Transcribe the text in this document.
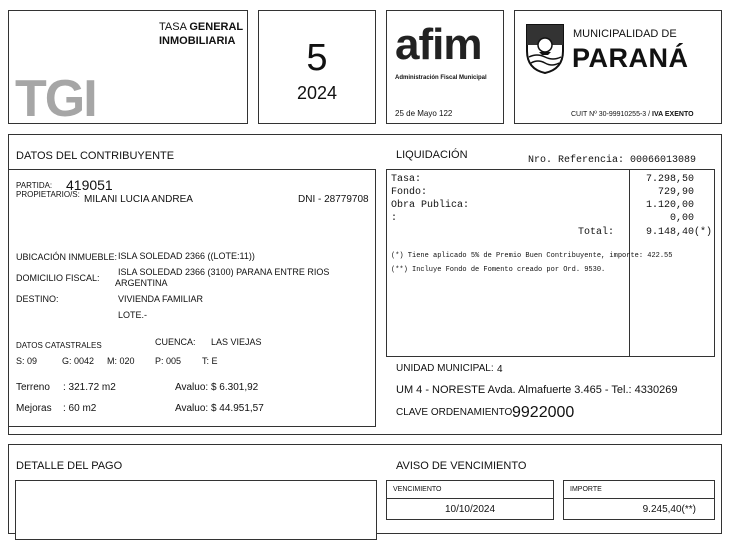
TASA GENERAL
INMOBILIARIA
TGI
5
2024
afim
Administración Fiscal Municipal
25 de Mayo 122
MUNICIPALIDAD DE
PARANÁ
CUIT Nº 30-99910255-3 / IVA EXENTO
DATOS DEL CONTRIBUYENTE	LIQUIDACIÓN	Nro. Referencia: 00066013089
PARTIDA: 419051
PROPIETARIO/S: MILANI LUCIA ANDREA	DNI - 28779708
UBICACIÓN INMUEBLE: ISLA SOLEDAD 2366 ((LOTE:11))
DOMICILIO FISCAL:
ISLA SOLEDAD 2366 (3100) PARANA ENTRE RIOS
ARGENTINA
DESTINO:	VIVIENDA FAMILIAR
LOTE.-
DATOS CATASTRALES	CUENCA: LAS VIEJAS
S: 09	G: 0042 M: 020 P: 005 T: E
Terreno : 321.72 m2	Avaluo: $ 6.301,92
Mejoras : 60 m2	Avaluo: $ 44.951,57
Tasa:	7.298,50
Fondo:	729,90
Obra Publica:	1.120,00
:	0,00
Total:	9.148,40(*)
(*) Tiene aplicado 5% de Premio Buen Contribuyente, importe: 422.55
(**) Incluye Fondo de Fomento creado por Ord. 9530.
UNIDAD MUNICIPAL: 4
UM 4 - NORESTE Avda. Almafuerte 3.465 - Tel.: 4330269
CLAVE ORDENAMIENTO:
9922000
DETALLE DEL PAGO	AVISO DE VENCIMIENTO
VENCIMIENTO
10/10/2024
IMPORTE
9.245,40(**)
